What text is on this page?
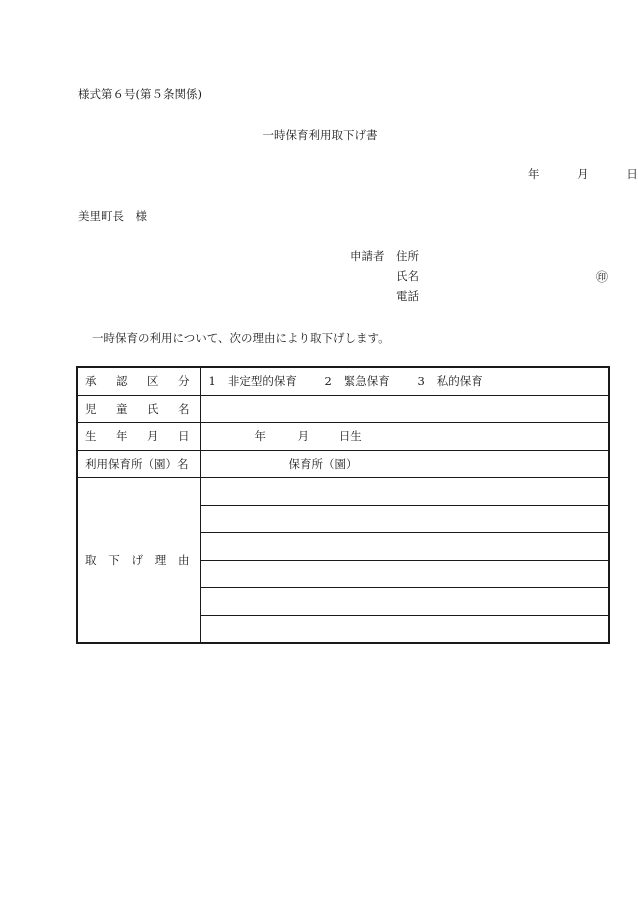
様式第６号(第５条関係)
一時保育利用取下げ書
年	月	日
美里町長　様
申請者 住所
氏名	㊞
電話
一時保育の利用について、次の理由により取下げします。
承 認 区 分	1 非定型的保育 2 緊急保育 3 私的保育

児 童 氏 名	

生 年 月 日	年 月 日生
利用保育所（園）名	保育所（園）

取 下 げ 理 由	
